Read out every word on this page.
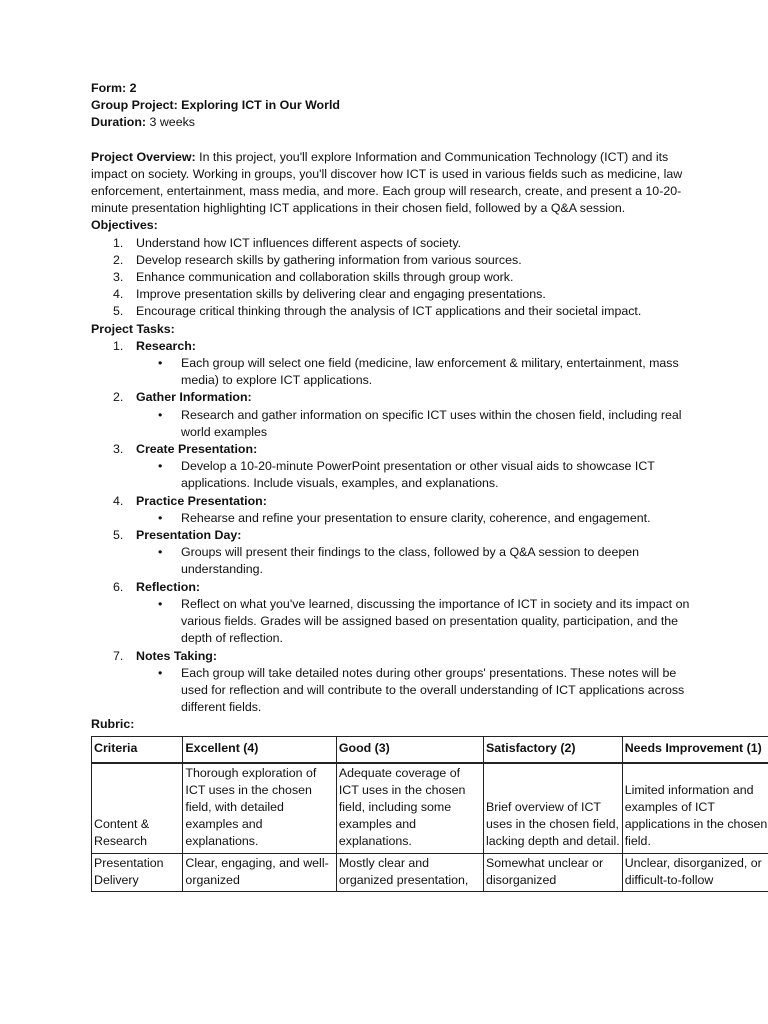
Form: 2

Group Project: Exploring ICT in Our World

Duration: 3 weeks

Project Overview: In this project, you'll explore Information and Communication Technology (ICT) and its impact on society. Working in groups, you'll discover how ICT is used in various fields such as medicine, law enforcement, entertainment, mass media, and more. Each group will research, create, and present a 10-20-minute presentation highlighting ICT applications in their chosen field, followed by a Q&A session.

Objectives:

1.	Understand how ICT influences different aspects of society.
2.	Develop research skills by gathering information from various sources.
3.	Enhance communication and collaboration skills through group work.
4.	Improve presentation skills by delivering clear and engaging presentations.
5.	Encourage critical thinking through the analysis of ICT applications and their societal impact.

Project Tasks:

1. Research:
• Each group will select one field (medicine, law enforcement & military, entertainment, mass media) to explore ICT applications.
2. Gather Information:
• Research and gather information on specific ICT uses within the chosen field, including real world examples
3. Create Presentation:
• Develop a 10-20-minute PowerPoint presentation or other visual aids to showcase ICT applications. Include visuals, examples, and explanations.
4. Practice Presentation:
• Rehearse and refine your presentation to ensure clarity, coherence, and engagement.
5. Presentation Day:
• Groups will present their findings to the class, followed by a Q&A session to deepen understanding.
6. Reflection:
• Reflect on what you've learned, discussing the importance of ICT in society and its impact on various fields. Grades will be assigned based on presentation quality, participation, and the depth of reflection.
7. Notes Taking:
• Each group will take detailed notes during other groups' presentations. These notes will be used for reflection and will contribute to the overall understanding of ICT applications across different fields.

Rubric:

Criteria	Excellent (4)	Good (3)	Satisfactory (2)	Needs Improvement (1)
Content & Research	Thorough exploration of ICT uses in the chosen field, with detailed examples and explanations.	Adequate coverage of ICT uses in the chosen field, including some examples and explanations.	Brief overview of ICT uses in the chosen field, lacking depth and detail.	Limited information and examples of ICT applications in the chosen field.
Presentation Delivery	Clear, engaging, and well-organized	Mostly clear and organized presentation,	Somewhat unclear or disorganized	Unclear, disorganized, or difficult-to-follow
